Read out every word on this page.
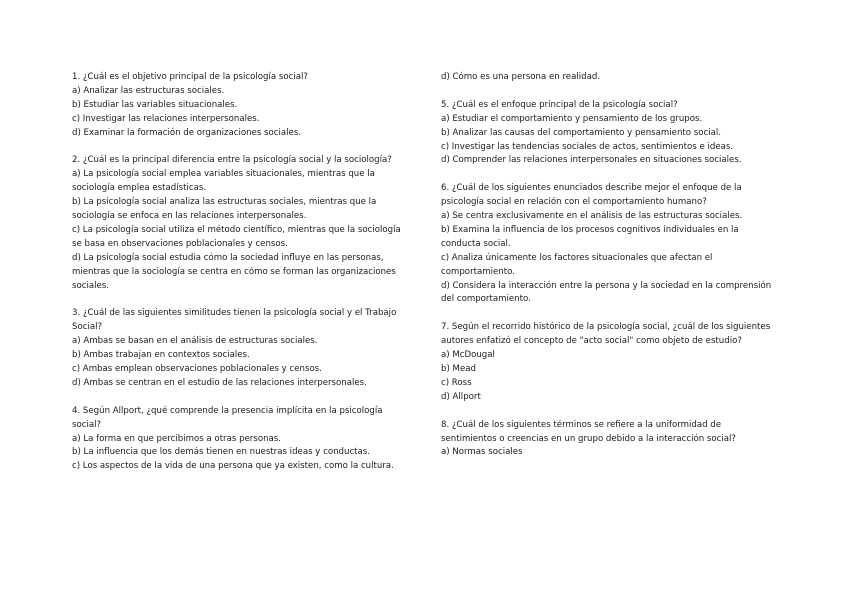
1. ¿Cuál es el objetivo principal de la psicología social?
a) Analizar las estructuras sociales.
b) Estudiar las variables situacionales.
c) Investigar las relaciones interpersonales.
d) Examinar la formación de organizaciones sociales.
2. ¿Cuál es la principal diferencia entre la psicología social y la sociología?
a) La psicología social emplea variables situacionales, mientras que la sociología emplea estadísticas.
b) La psicología social analiza las estructuras sociales, mientras que la sociología se enfoca en las relaciones interpersonales.
c) La psicología social utiliza el método científico, mientras que la sociología se basa en observaciones poblacionales y censos.
d) La psicología social estudia cómo la sociedad influye en las personas, mientras que la sociología se centra en cómo se forman las organizaciones sociales.
3. ¿Cuál de las siguientes similitudes tienen la psicología social y el Trabajo Social?
a) Ambas se basan en el análisis de estructuras sociales.
b) Ambas trabajan en contextos sociales.
c) Ambas emplean observaciones poblacionales y censos.
d) Ambas se centran en el estudio de las relaciones interpersonales.
4. Según Allport, ¿qué comprende la presencia implícita en la psicología social?
a) La forma en que percibimos a otras personas.
b) La influencia que los demás tienen en nuestras ideas y conductas.
c) Los aspectos de la vida de una persona que ya existen, como la cultura.
d) Cómo es una persona en realidad.
5. ¿Cuál es el enfoque principal de la psicología social?
a) Estudiar el comportamiento y pensamiento de los grupos.
b) Analizar las causas del comportamiento y pensamiento social.
c) Investigar las tendencias sociales de actos, sentimientos e ideas.
d) Comprender las relaciones interpersonales en situaciones sociales.
6. ¿Cuál de los siguientes enunciados describe mejor el enfoque de la psicología social en relación con el comportamiento humano?
a) Se centra exclusivamente en el análisis de las estructuras sociales.
b) Examina la influencia de los procesos cognitivos individuales en la conducta social.
c) Analiza únicamente los factores situacionales que afectan el comportamiento.
d) Considera la interacción entre la persona y la sociedad en la comprensión del comportamiento.
7. Según el recorrido histórico de la psicología social, ¿cuál de los siguientes autores enfatizó el concepto de "acto social" como objeto de estudio?
a) McDougal
b) Mead
c) Ross
d) Allport
8. ¿Cuál de los siguientes términos se refiere a la uniformidad de sentimientos o creencias en un grupo debido a la interacción social?
a) Normas sociales
